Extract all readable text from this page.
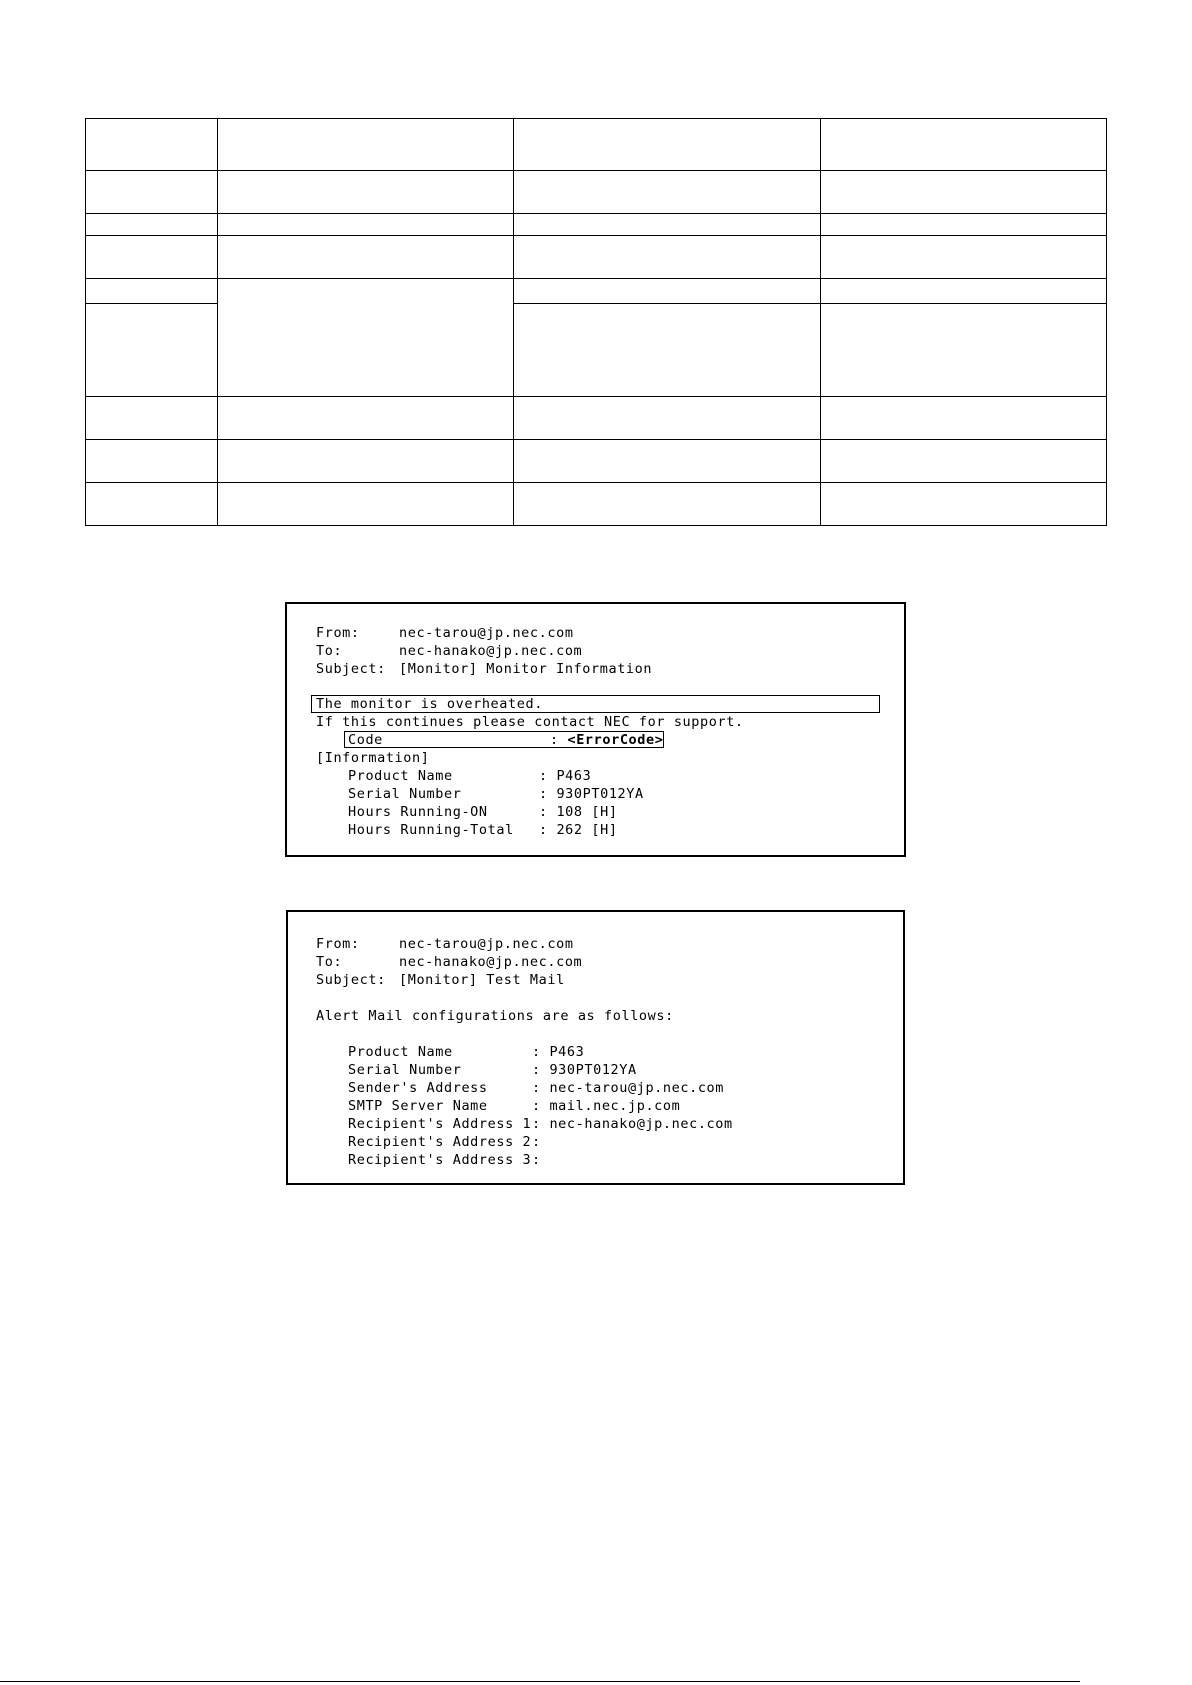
From:	nec-tarou@jp.nec.com
To:	nec-hanako@jp.nec.com
Subject: [Monitor] Monitor Information
The monitor is overheated.
If this continues please contact NEC for support.
Code	: <ErrorCode>
[Information]
Product Name	: P463
Serial Number	: 930PT012YA
Hours Running-ON	: 108 [H]
Hours Running-Total : 262 [H]
From:	nec-tarou@jp.nec.com
To:	nec-hanako@jp.nec.com
Subject: [Monitor] Test Mail
Alert Mail configurations are as follows:
Product Name	: P463
Serial Number	: 930PT012YA
Sender's Address	: nec-tarou@jp.nec.com
SMTP Server Name	: mail.nec.jp.com
Recipient's Address 1: nec-hanako@jp.nec.com
Recipient's Address 2:
Recipient's Address 3:
